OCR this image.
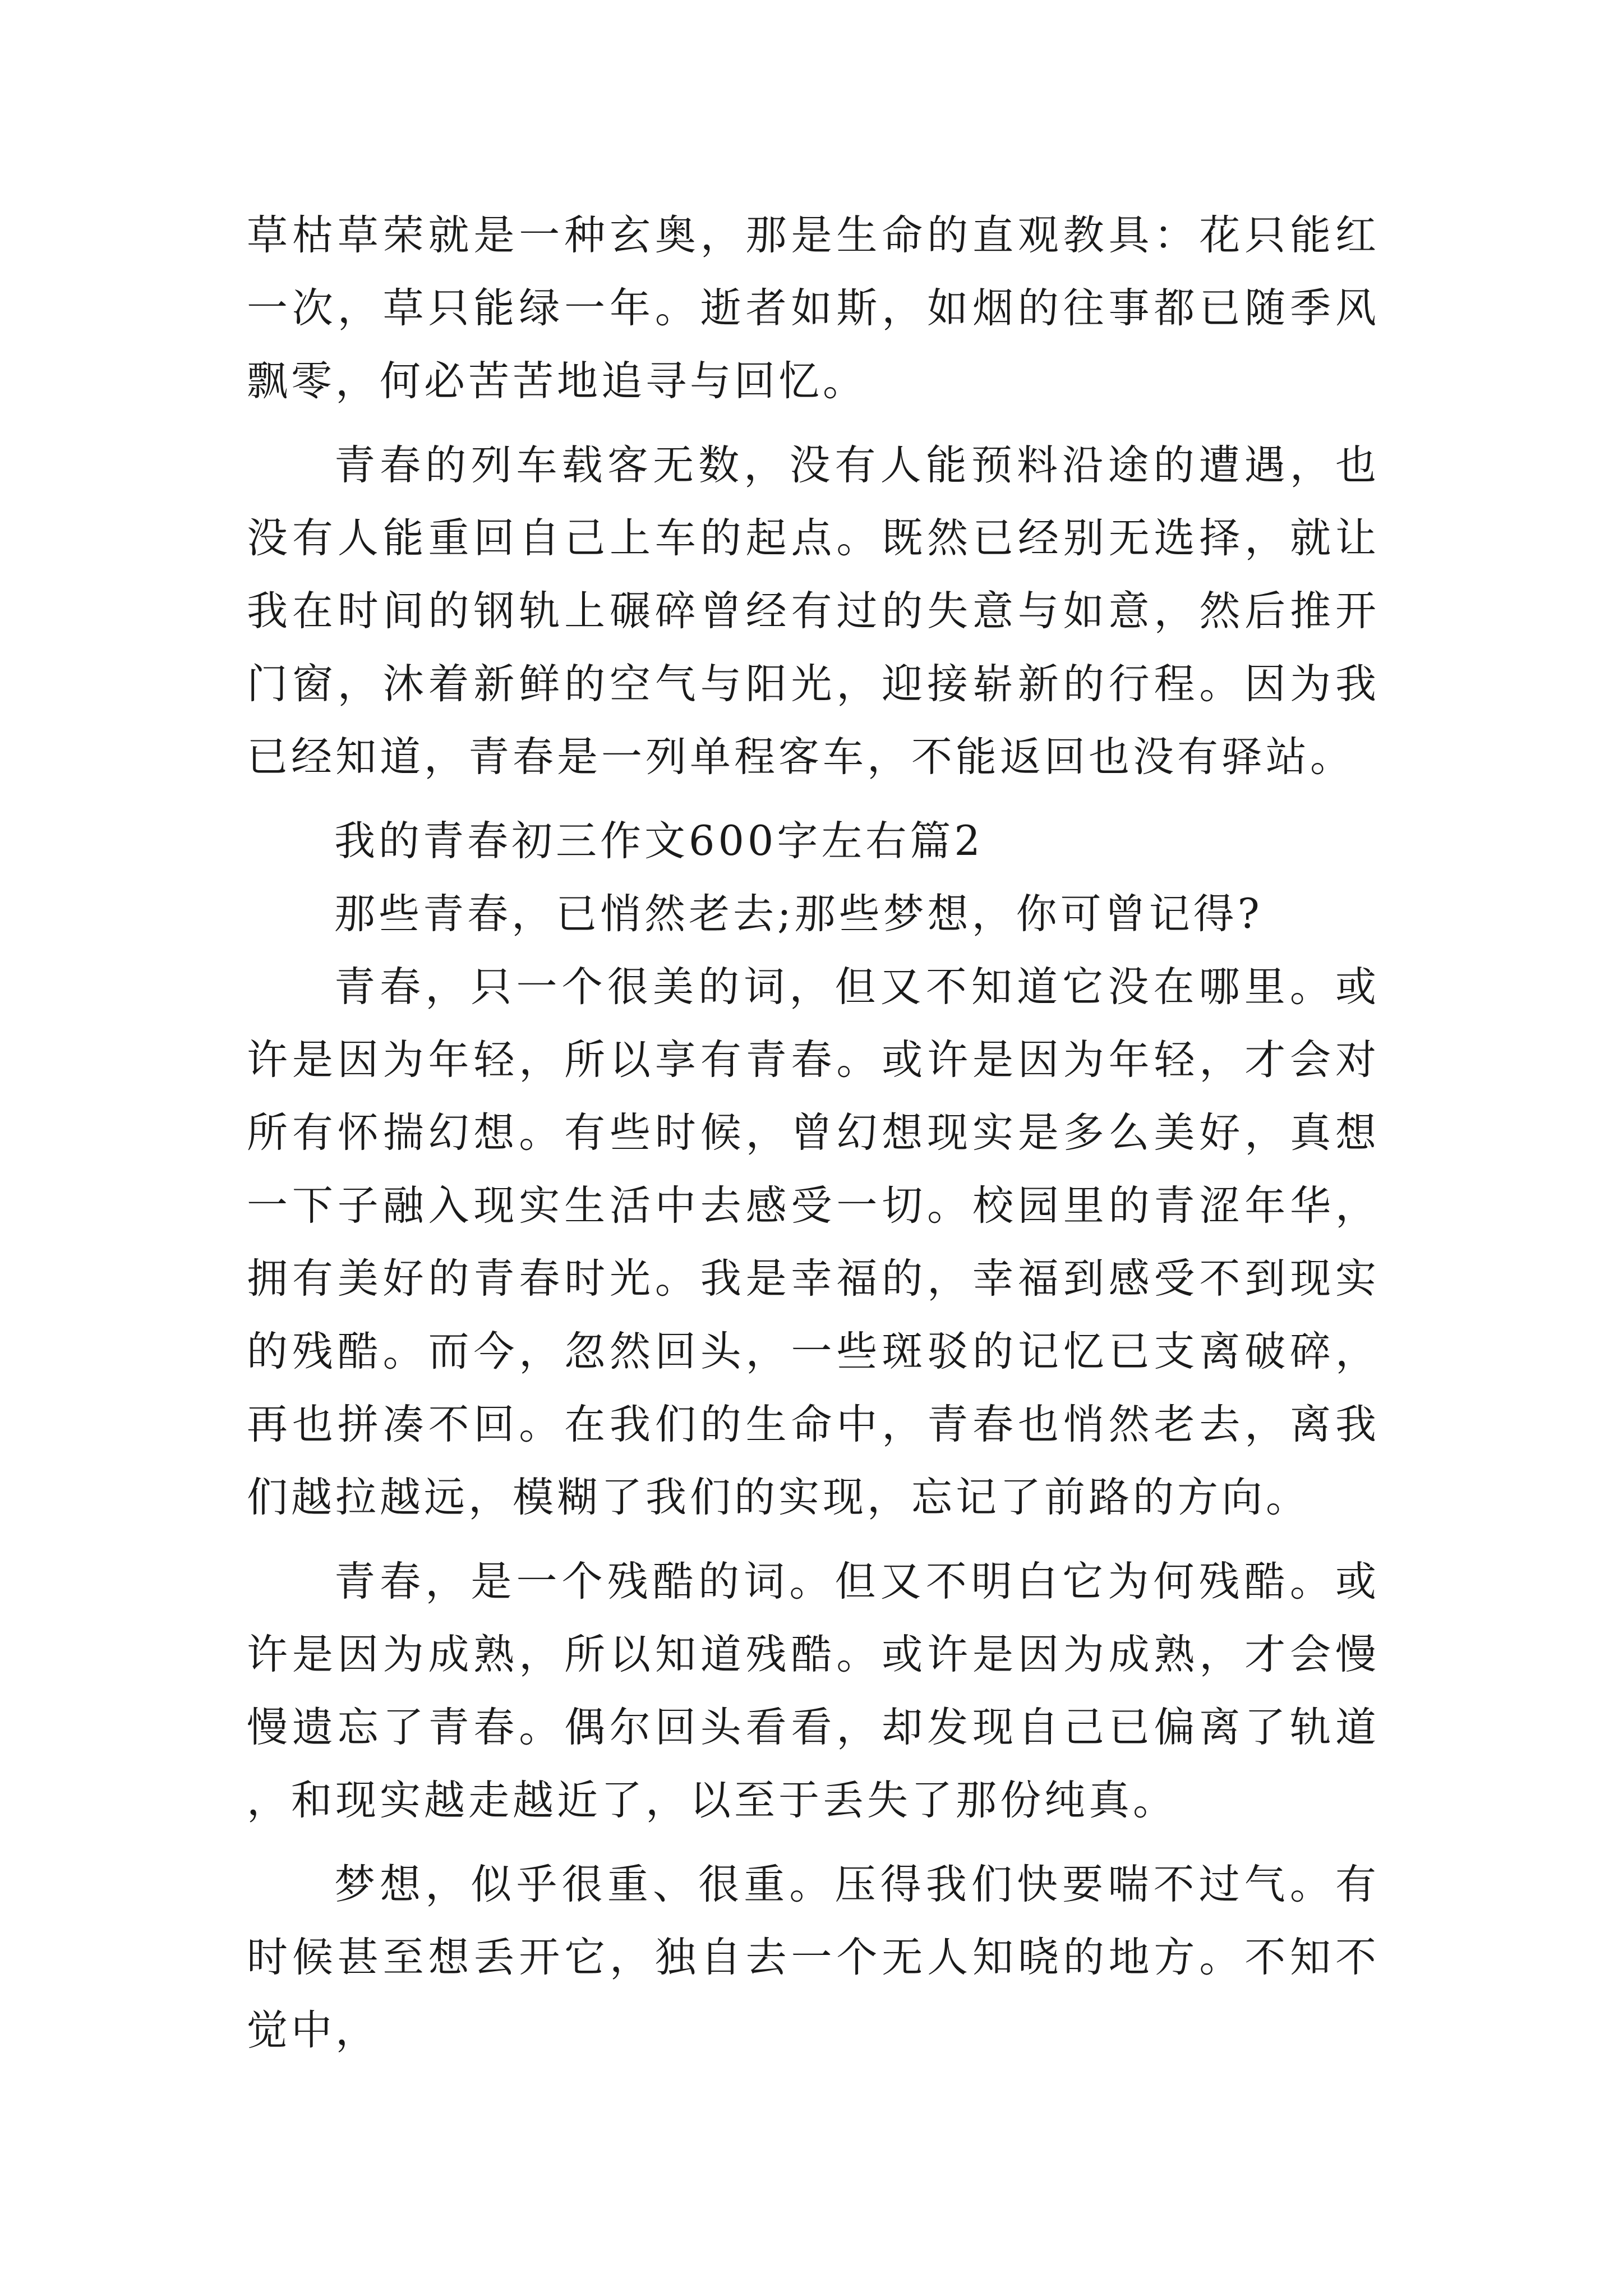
草枯草荣就是一种玄奥，那是生命的直观教具：花只能红一次，草只能绿一年。逝者如斯，如烟的往事都已随季风飘零，何必苦苦地追寻与回忆。

青春的列车载客无数，没有人能预料沿途的遭遇，也没有人能重回自己上车的起点。既然已经别无选择，就让我在时间的钢轨上碾碎曾经有过的失意与如意，然后推开门窗，沐着新鲜的空气与阳光，迎接崭新的行程。因为我已经知道，青春是一列单程客车，不能返回也没有驿站。

我的青春初三作文600字左右篇2

那些青春，已悄然老去;那些梦想，你可曾记得?

青春，只一个很美的词，但又不知道它没在哪里。或许是因为年轻，所以享有青春。或许是因为年轻，才会对所有怀揣幻想。有些时候，曾幻想现实是多么美好，真想一下子融入现实生活中去感受一切。校园里的青涩年华，拥有美好的青春时光。我是幸福的，幸福到感受不到现实的残酷。而今，忽然回头，一些斑驳的记忆已支离破碎，再也拼凑不回。在我们的生命中，青春也悄然老去，离我们越拉越远，模糊了我们的实现，忘记了前路的方向。

青春，是一个残酷的词。但又不明白它为何残酷。或许是因为成熟，所以知道残酷。或许是因为成熟，才会慢慢遗忘了青春。偶尔回头看看，却发现自己已偏离了轨道，和现实越走越近了，以至于丢失了那份纯真。

梦想，似乎很重、很重。压得我们快要喘不过气。有时候甚至想丢开它，独自去一个无人知晓的地方。不知不觉中，
